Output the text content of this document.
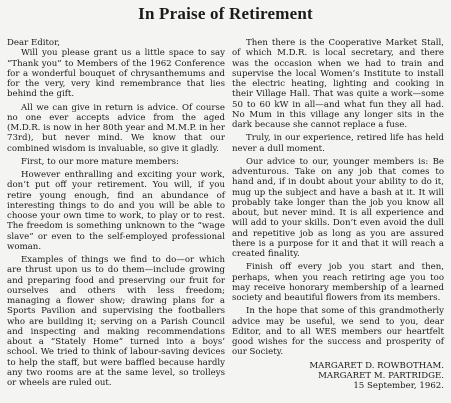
In Praise of Retirement

Dear Editor,

Will you please grant us a little space to say “Thank you” to Members of the 1962 Conference for a wonderful bouquet of chrysanthemums and for the very, very kind remembrance that lies behind the gift.

All we can give in return is advice. Of course no one ever accepts advice from the aged (M.D.R. is now in her 80th year and M.M.P. in her 73rd), but never mind. We know that our combined wisdom is invaluable, so give it gladly.

First, to our more mature members:

However enthralling and exciting your work, don’t put off your retirement. You will, if you retire young enough, find an abundance of interesting things to do and you will be able to choose your own time to work, to play or to rest. The freedom is something unknown to the “wage slave” or even to the self-employed professional woman.

Examples of things we find to do—or which are thrust upon us to do them—include growing and preparing food and preserving our fruit for ourselves and others with less freedom; managing a flower show; drawing plans for a Sports Pavilion and supervising the footballers who are building it; serving on a Parish Council and inspecting and making recommendations about a “Stately Home” turned into a boys’ school. We tried to think of labour-saving devices to help the staff, but were baffled because hardly any two rooms are at the same level, so trolleys or wheels are ruled out.

Then there is the Cooperative Market Stall, of which M.D.R. is local secretary, and there was the occasion when we had to train and supervise the local Women’s Institute to install the electric heating, lighting and cooking in their Village Hall. That was quite a work—some 50 to 60 kW in all—and what fun they all had. No Mum in this village any longer sits in the dark because she cannot replace a fuse.

Truly, in our experience, retired life has held never a dull moment.

Our advice to our, younger members is: Be adventurous. Take on any job that comes to hand and, if in doubt about your ability to do it, mug up the subject and have a bash at it. It will probably take longer than the job you know all about, but never mind. It is all experience and will add to your skills. Don’t even avoid the dull and repetitive job as long as you are assured there is a purpose for it and that it will reach a created finality.

Finish off every job you start and then, perhaps, when you reach retiring age you too may receive honorary membership of a learned society and beautiful flowers from its members.

In the hope that some of this grandmotherly advice may be useful, we send to you, dear Editor, and to all WES members our heartfelt good wishes for the success and prosperity of our Society.

MARGARET D. ROWBOTHAM.

MARGARET M. PARTRIDGE.

15 September, 1962.
